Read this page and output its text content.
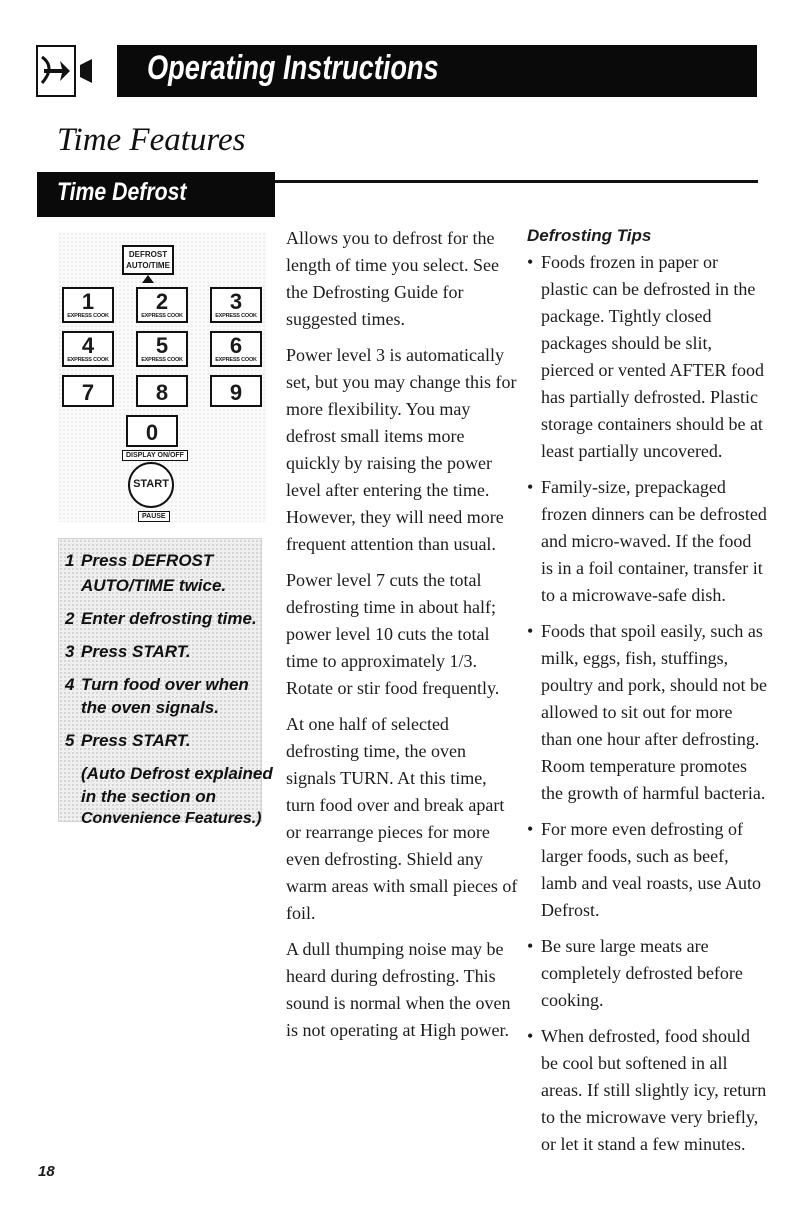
Operating Instructions
Time Features
Time Defrost
DEFROST
AUTO/TIME
1
EXPRESS COOK
2
EXPRESS COOK
3
EXPRESS COOK
4
EXPRESS COOK
5
EXPRESS COOK
6
EXPRESS COOK
7	8	9
0
DISPLAY ON/OFF
START
PAUSE
1 Press DEFROST
AUTO/TIME twice.
2 Enter defrosting time.
3 Press START.
4 Turn food over when
the oven signals.
5 Press START.
(Auto Defrost explained
in the section on
Convenience Features.)

Allows you to defrost for the length of time you select. See the Defrosting Guide for suggested times.

Power level 3 is automatically set, but you may change this for more flexibility. You may defrost small items more quickly by raising the power level after entering the time. However, they will need more frequent attention than usual.

Power level 7 cuts the total defrosting time in about half; power level 10 cuts the total time to approximately 1/3. Rotate or stir food frequently.

At one half of selected defrosting time, the oven signals TURN. At this time, turn food over and break apart or rearrange pieces for more even defrosting. Shield any warm areas with small pieces of foil.

A dull thumping noise may be heard during defrosting. This sound is normal when the oven is not operating at High power.

Defrosting Tips
• Foods frozen in paper or plastic can be defrosted in the package. Tightly closed packages should be slit, pierced or vented AFTER food has partially defrosted. Plastic storage containers should be at least partially uncovered.
• Family-size, prepackaged frozen dinners can be defrosted and micro-waved. If the food is in a foil container, transfer it to a microwave-safe dish.
• Foods that spoil easily, such as milk, eggs, fish, stuffings, poultry and pork, should not be allowed to sit out for more than one hour after defrosting. Room temperature promotes the growth of harmful bacteria.
• For more even defrosting of larger foods, such as beef, lamb and veal roasts, use Auto Defrost.
• Be sure large meats are completely defrosted before cooking.
• When defrosted, food should be cool but softened in all areas. If still slightly icy, return to the microwave very briefly, or let it stand a few minutes.
18
